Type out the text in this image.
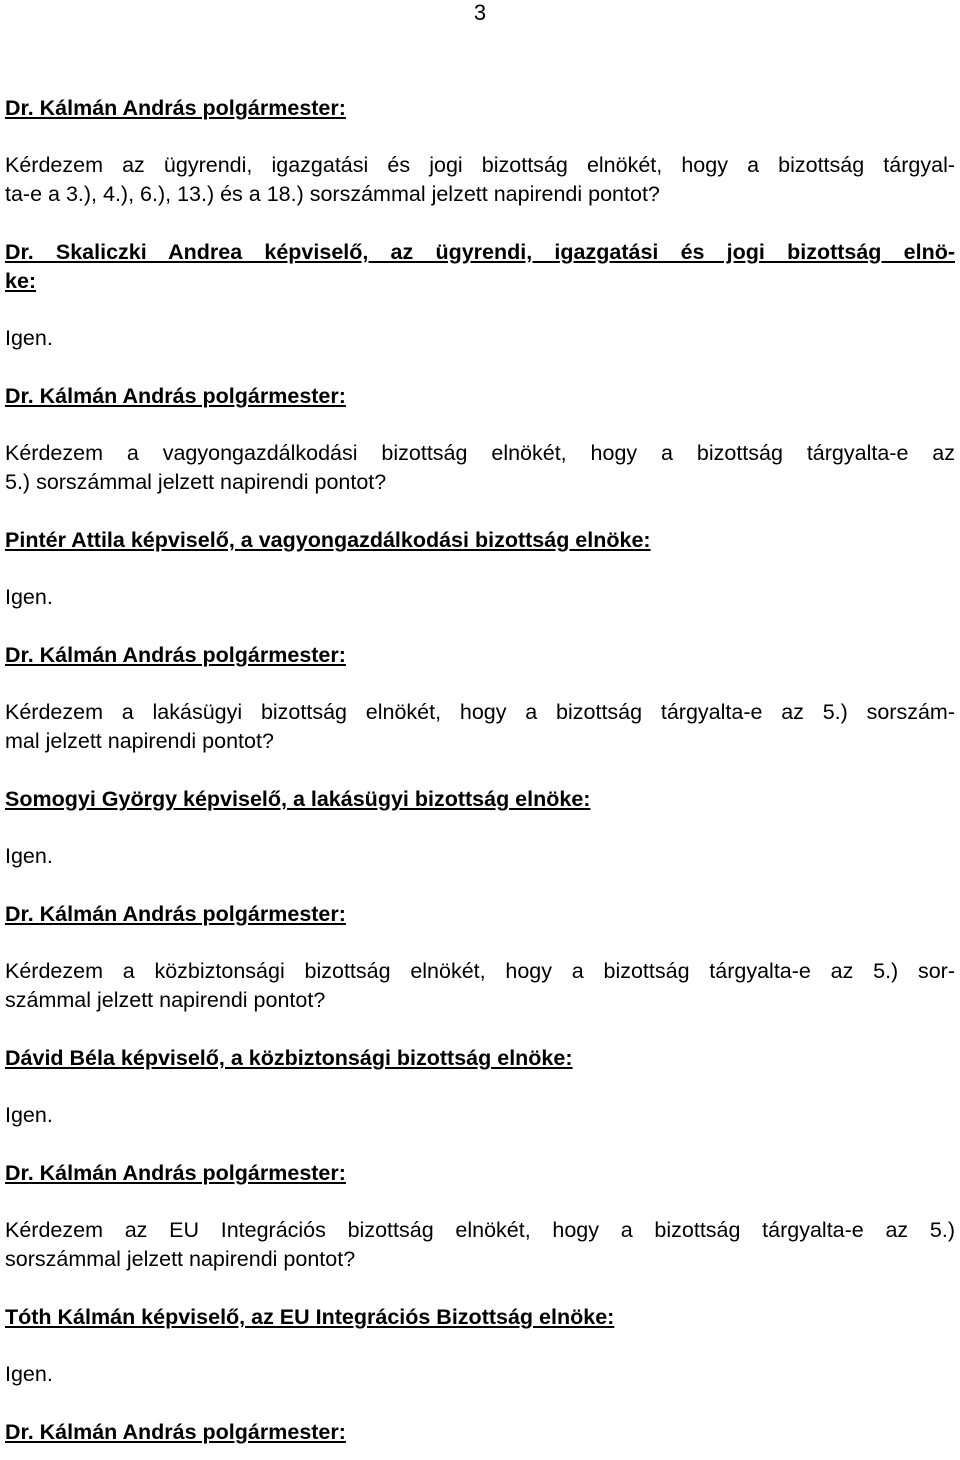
3

Dr. Kálmán András polgármester:

Kérdezem az ügyrendi, igazgatási és jogi bizottság elnökét, hogy a bizottság tárgyal-
ta-e a 3.), 4.), 6.), 13.) és a 18.) sorszámmal jelzett napirendi pontot?

Dr. Skaliczki Andrea képviselő, az ügyrendi, igazgatási és jogi bizottság elnö-
ke:

Igen.

Dr. Kálmán András polgármester:

Kérdezem a vagyongazdálkodási bizottság elnökét, hogy a bizottság tárgyalta-e az
5.) sorszámmal jelzett napirendi pontot?

Pintér Attila képviselő, a vagyongazdálkodási bizottság elnöke:

Igen.

Dr. Kálmán András polgármester:

Kérdezem a lakásügyi bizottság elnökét, hogy a bizottság tárgyalta-e az 5.) sorszám-
mal jelzett napirendi pontot?

Somogyi György képviselő, a lakásügyi bizottság elnöke:

Igen.

Dr. Kálmán András polgármester:

Kérdezem a közbiztonsági bizottság elnökét, hogy a bizottság tárgyalta-e az 5.) sor-
számmal jelzett napirendi pontot?

Dávid Béla képviselő, a közbiztonsági bizottság elnöke:

Igen.

Dr. Kálmán András polgármester:

Kérdezem az EU Integrációs bizottság elnökét, hogy a bizottság tárgyalta-e az 5.)
sorszámmal jelzett napirendi pontot?

Tóth Kálmán képviselő, az EU Integrációs Bizottság elnöke:

Igen.

Dr. Kálmán András polgármester:
